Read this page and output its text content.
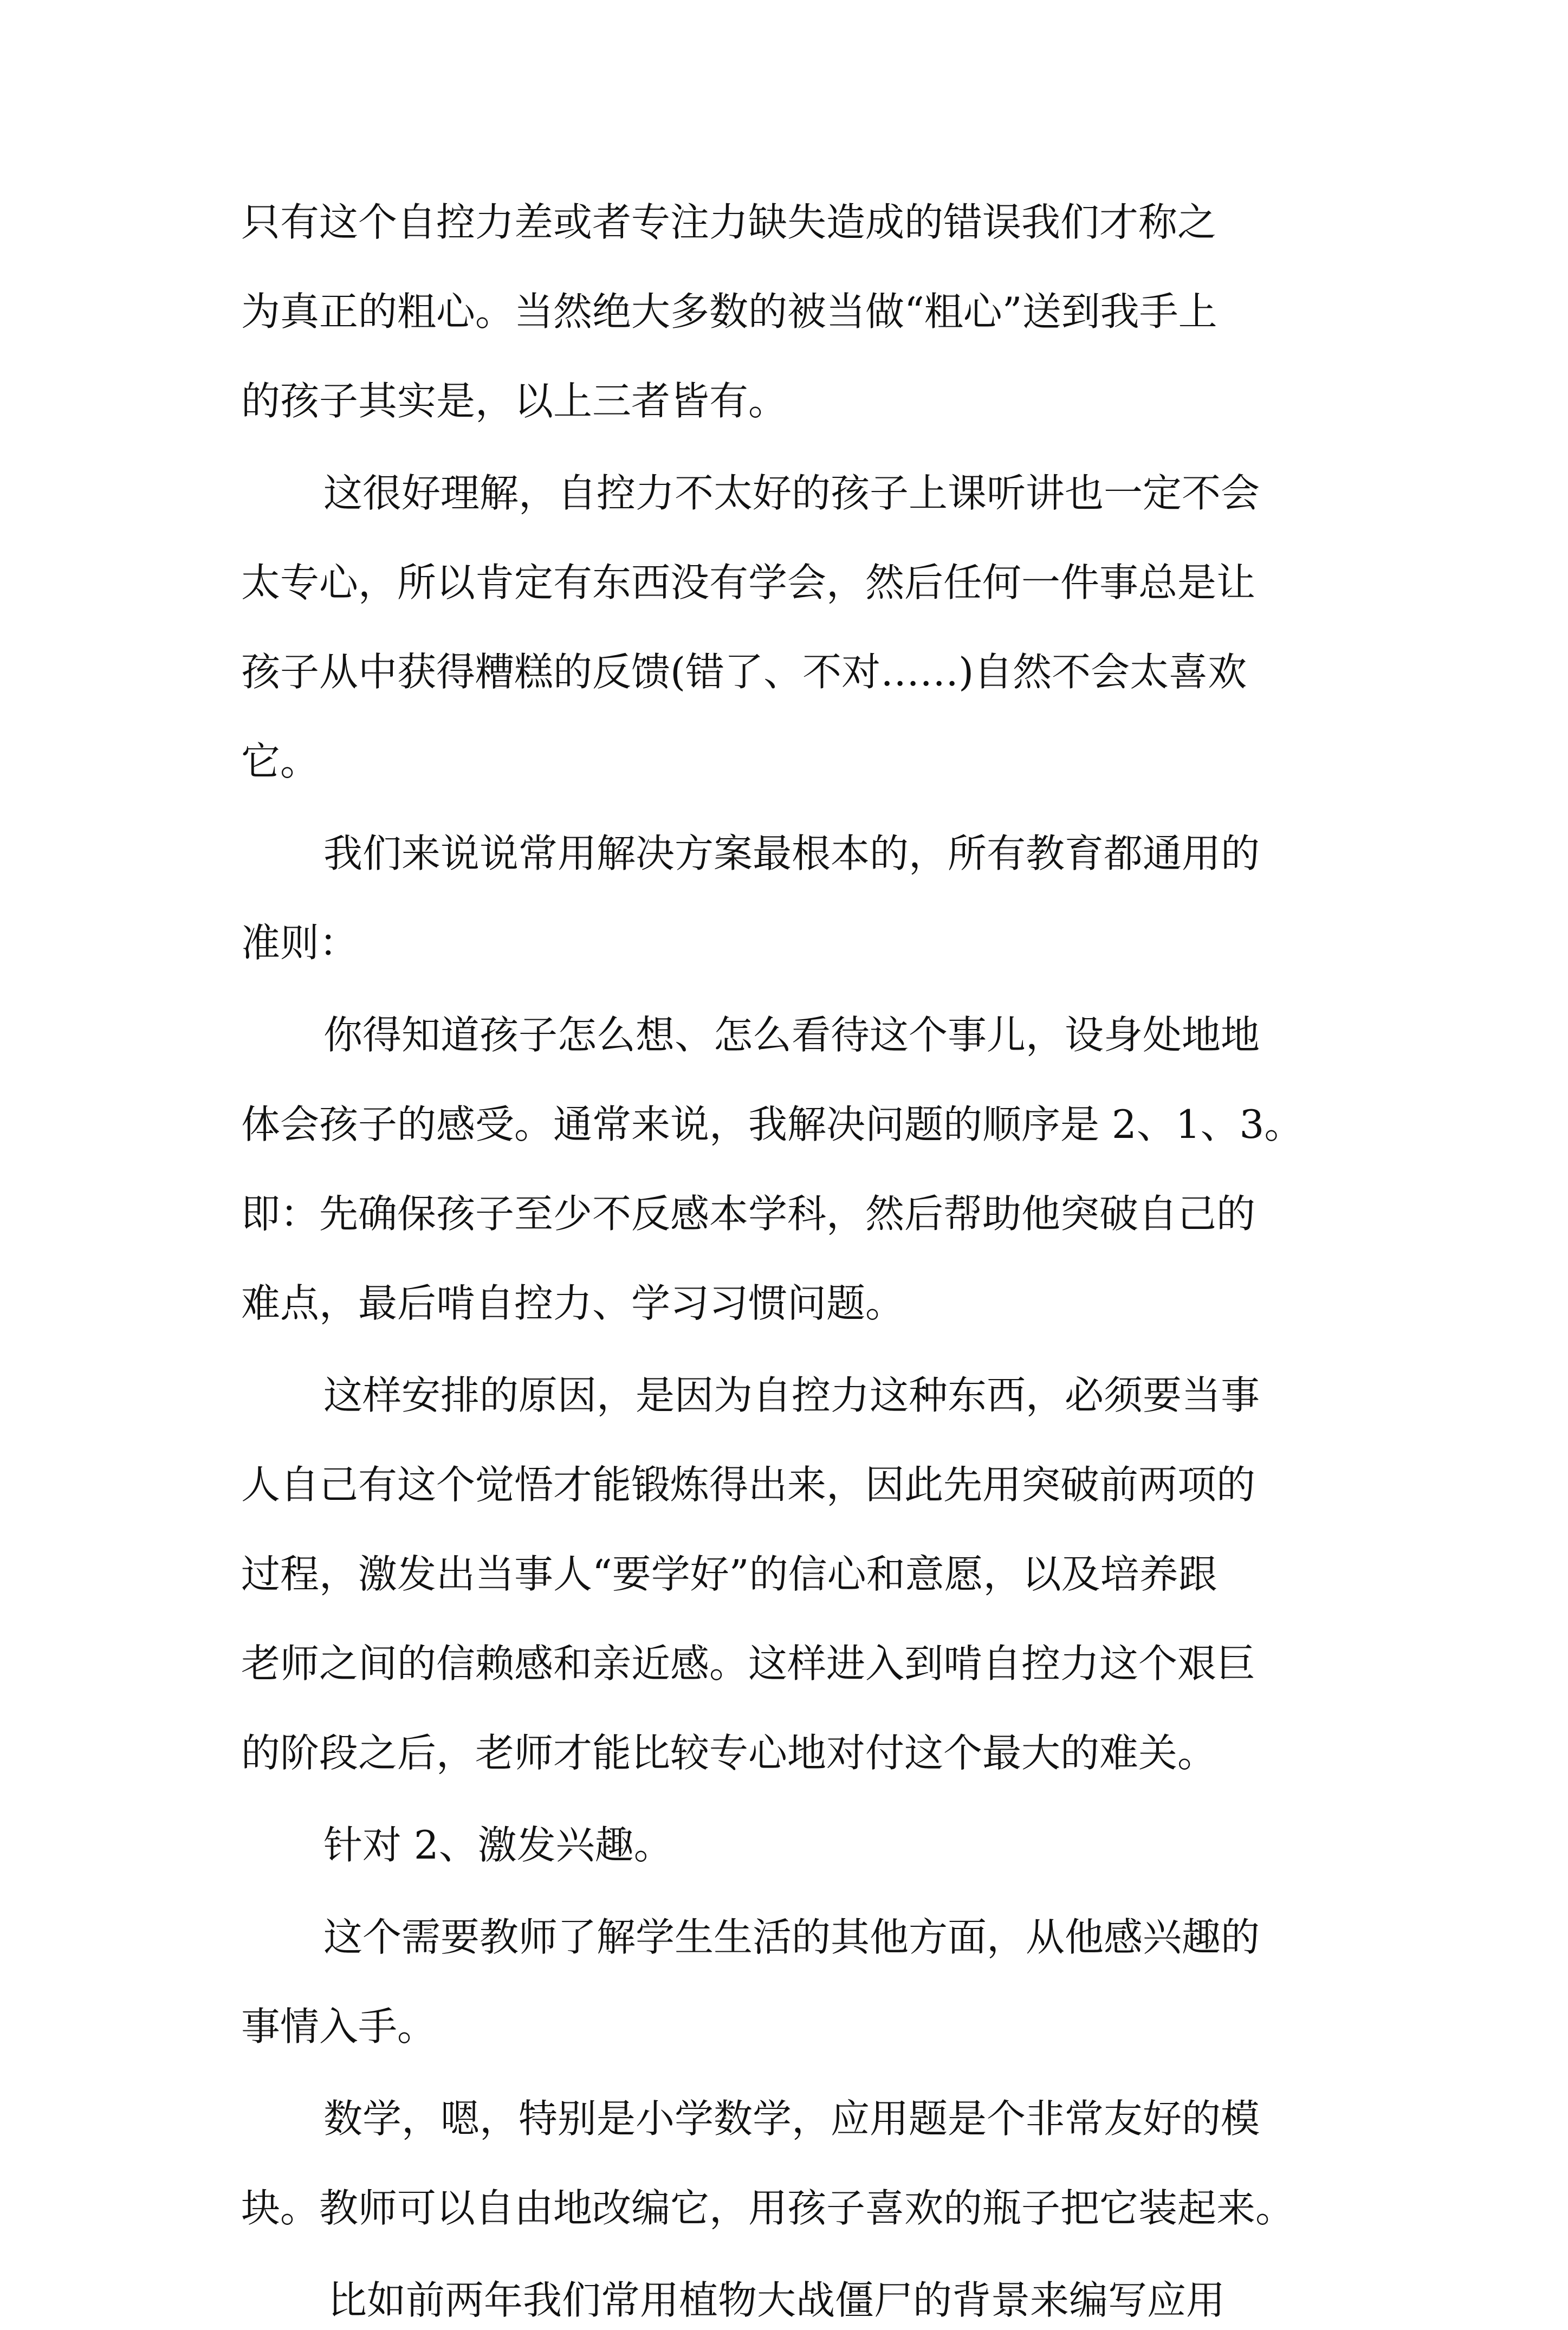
只有这个自控力差或者专注力缺失造成的错误我们才称之
为真正的粗心。当然绝大多数的被当做“粗心”送到我手上
的孩子其实是，以上三者皆有。
这很好理解，自控力不太好的孩子上课听讲也一定不会
太专心，所以肯定有东西没有学会，然后任何一件事总是让
孩子从中获得糟糕的反馈(错了、不对……)自然不会太喜欢
它。
我们来说说常用解决方案最根本的，所有教育都通用的
准则：
你得知道孩子怎么想、怎么看待这个事儿，设身处地地
体会孩子的感受。通常来说，我解决问题的顺序是 2、1、3。
即：先确保孩子至少不反感本学科，然后帮助他突破自己的
难点，最后啃自控力、学习习惯问题。
这样安排的原因，是因为自控力这种东西，必须要当事
人自己有这个觉悟才能锻炼得出来，因此先用突破前两项的
过程，激发出当事人“要学好”的信心和意愿，以及培养跟
老师之间的信赖感和亲近感。这样进入到啃自控力这个艰巨
的阶段之后，老师才能比较专心地对付这个最大的难关。
针对 2、激发兴趣。
这个需要教师了解学生生活的其他方面，从他感兴趣的
事情入手。
数学，嗯，特别是小学数学，应用题是个非常友好的模
块。教师可以自由地改编它，用孩子喜欢的瓶子把它装起来。
比如前两年我们常用植物大战僵尸的背景来编写应用
